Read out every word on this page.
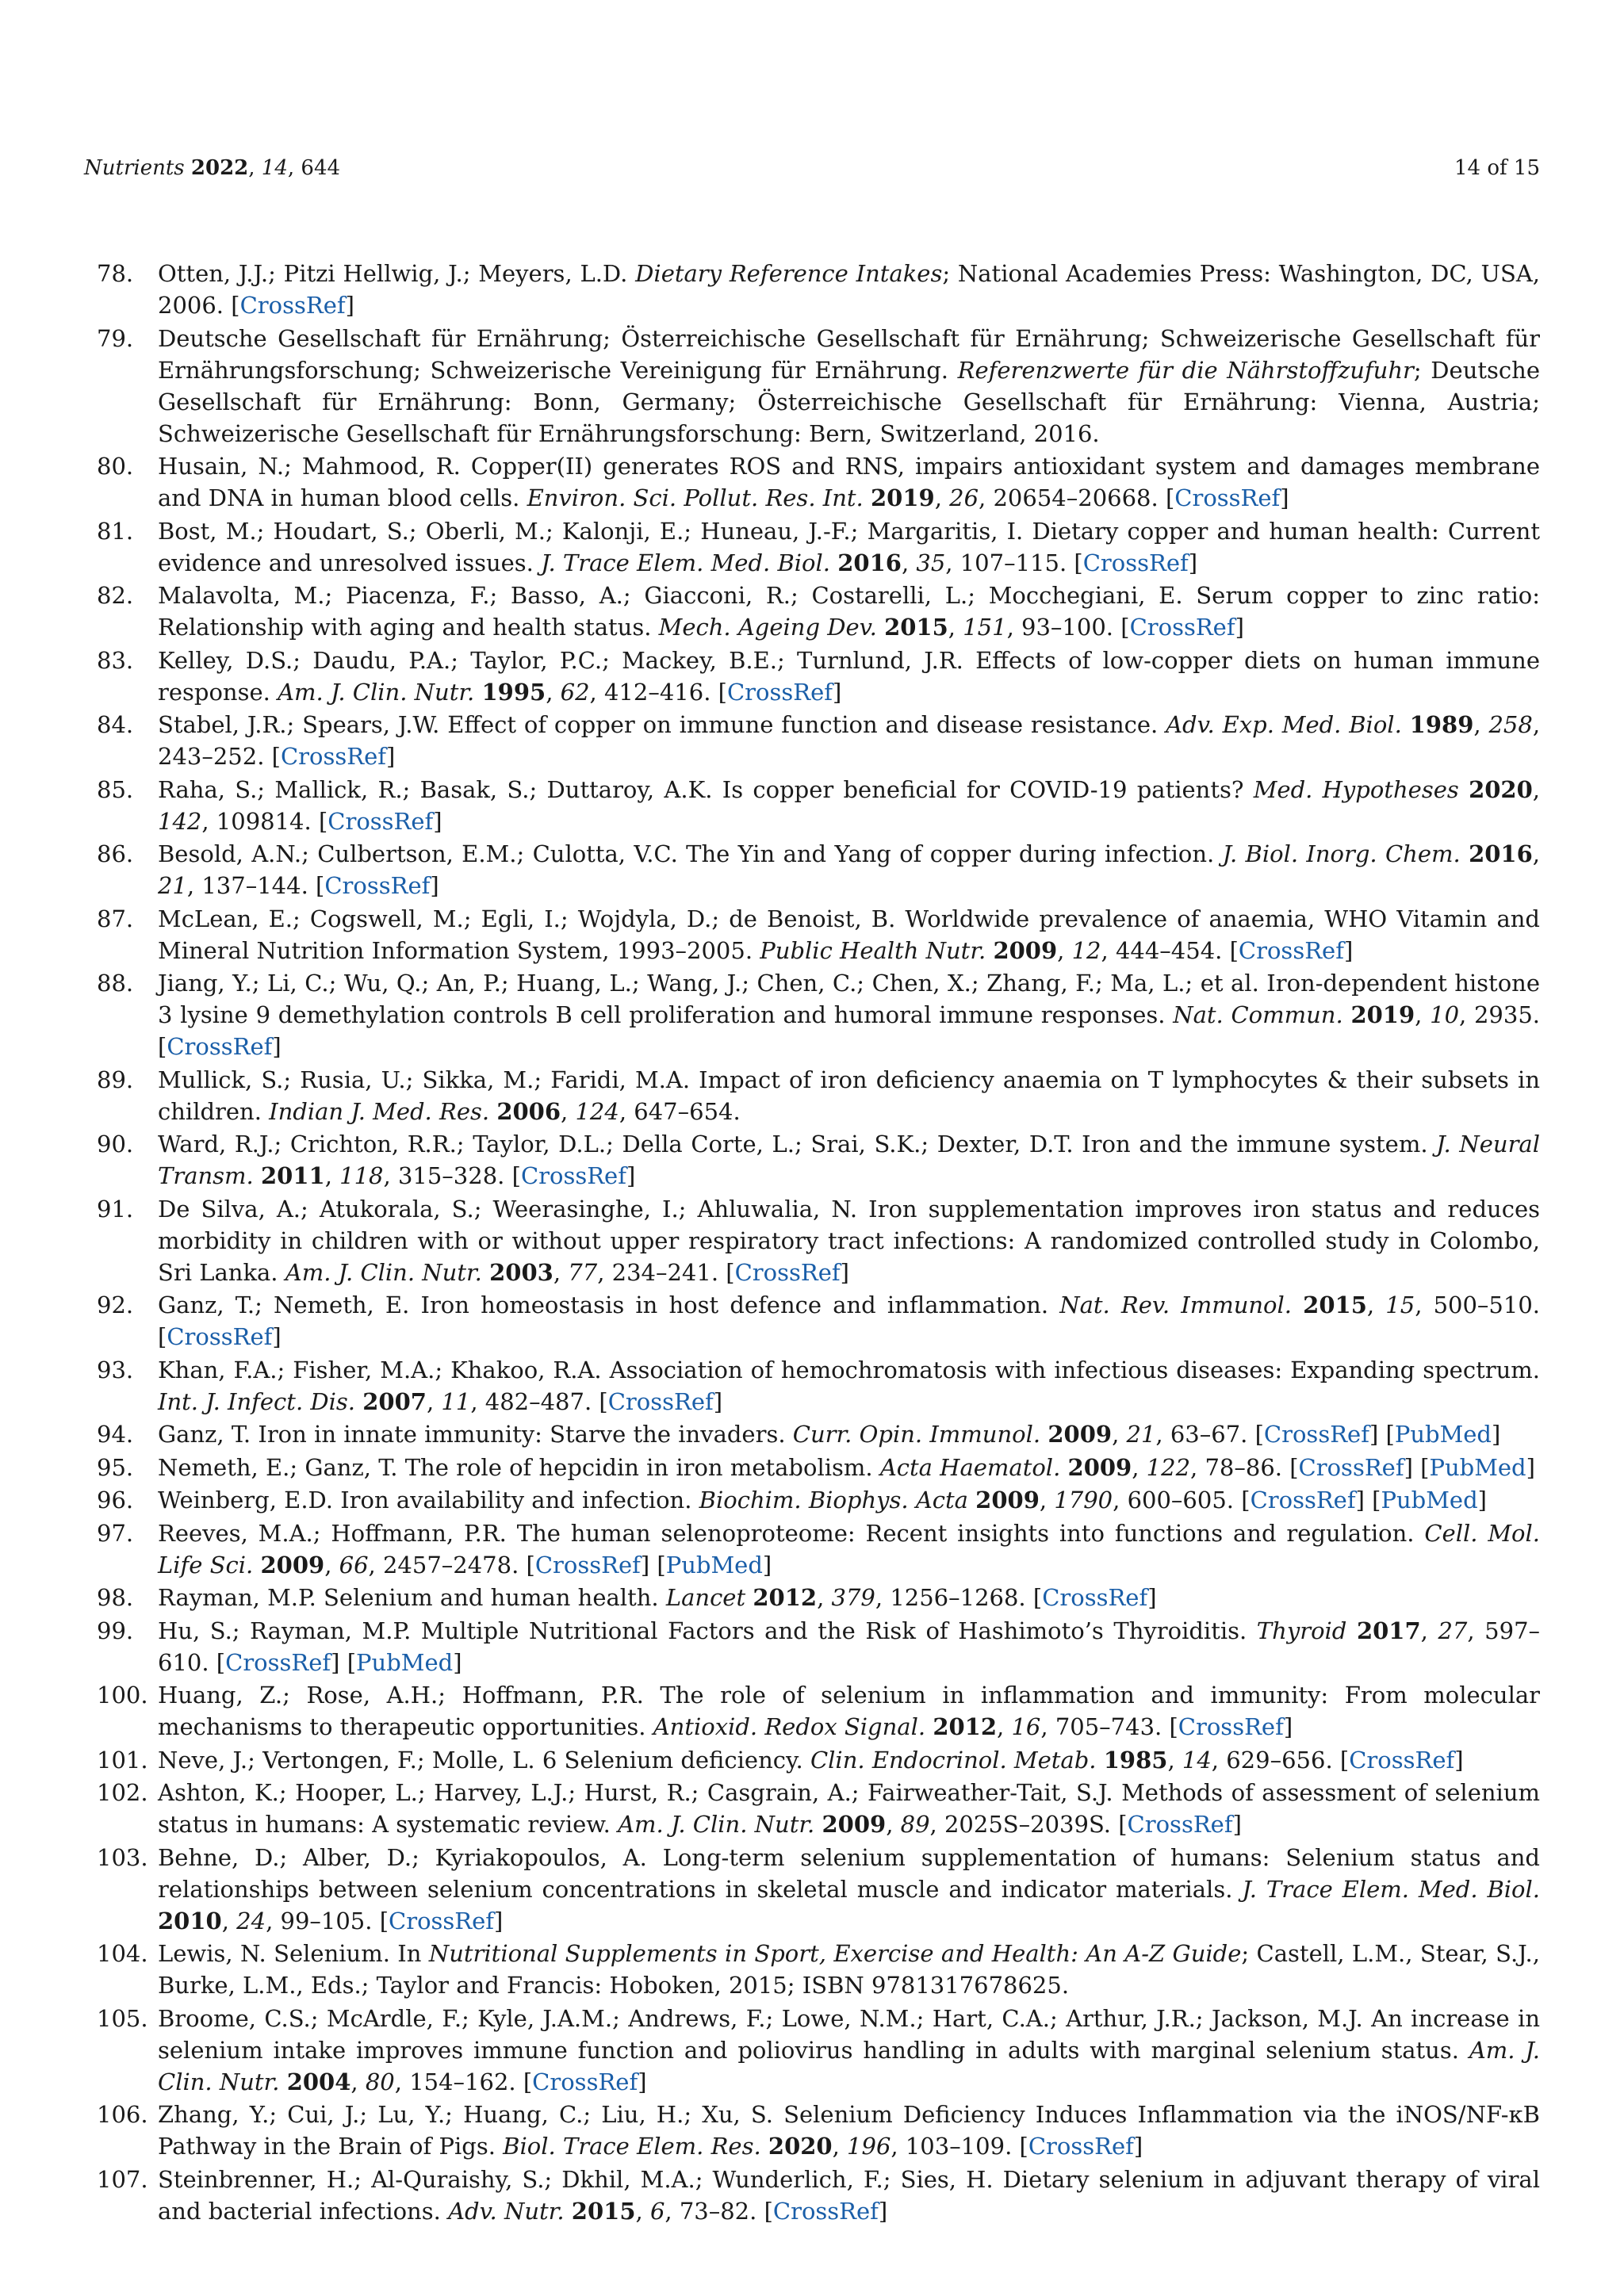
Nutrients 2022, 14, 644	14 of 15
78. Otten, J.J.; Pitzi Hellwig, J.; Meyers, L.D. Dietary Reference Intakes; National Academies Press: Washington, DC, USA, 2006. [CrossRef]
79. Deutsche Gesellschaft für Ernährung; Österreichische Gesellschaft für Ernährung; Schweizerische Gesellschaft für Ernährungsforschung; Schweizerische Vereinigung für Ernährung. Referenzwerte für die Nährstoffzufuhr; Deutsche Gesellschaft für Ernährung: Bonn, Germany; Österreichische Gesellschaft für Ernährung: Vienna, Austria; Schweizerische Gesellschaft für Ernährungsforschung: Bern, Switzerland, 2016.
80. Husain, N.; Mahmood, R. Copper(II) generates ROS and RNS, impairs antioxidant system and damages membrane and DNA in human blood cells. Environ. Sci. Pollut. Res. Int. 2019, 26, 20654–20668. [CrossRef]
81. Bost, M.; Houdart, S.; Oberli, M.; Kalonji, E.; Huneau, J.-F.; Margaritis, I. Dietary copper and human health: Current evidence and unresolved issues. J. Trace Elem. Med. Biol. 2016, 35, 107–115. [CrossRef]
82. Malavolta, M.; Piacenza, F.; Basso, A.; Giacconi, R.; Costarelli, L.; Mocchegiani, E. Serum copper to zinc ratio: Relationship with aging and health status. Mech. Ageing Dev. 2015, 151, 93–100. [CrossRef]
83. Kelley, D.S.; Daudu, P.A.; Taylor, P.C.; Mackey, B.E.; Turnlund, J.R. Effects of low-copper diets on human immune response. Am. J. Clin. Nutr. 1995, 62, 412–416. [CrossRef]
84. Stabel, J.R.; Spears, J.W. Effect of copper on immune function and disease resistance. Adv. Exp. Med. Biol. 1989, 258, 243–252. [CrossRef]
85. Raha, S.; Mallick, R.; Basak, S.; Duttaroy, A.K. Is copper beneficial for COVID-19 patients? Med. Hypotheses 2020, 142, 109814. [CrossRef]
86. Besold, A.N.; Culbertson, E.M.; Culotta, V.C. The Yin and Yang of copper during infection. J. Biol. Inorg. Chem. 2016, 21, 137–144. [CrossRef]
87. McLean, E.; Cogswell, M.; Egli, I.; Wojdyla, D.; de Benoist, B. Worldwide prevalence of anaemia, WHO Vitamin and Mineral Nutrition Information System, 1993–2005. Public Health Nutr. 2009, 12, 444–454. [CrossRef]
88. Jiang, Y.; Li, C.; Wu, Q.; An, P.; Huang, L.; Wang, J.; Chen, C.; Chen, X.; Zhang, F.; Ma, L.; et al. Iron-dependent histone 3 lysine 9 demethylation controls B cell proliferation and humoral immune responses. Nat. Commun. 2019, 10, 2935. [CrossRef]
89. Mullick, S.; Rusia, U.; Sikka, M.; Faridi, M.A. Impact of iron deficiency anaemia on T lymphocytes & their subsets in children. Indian J. Med. Res. 2006, 124, 647–654.
90. Ward, R.J.; Crichton, R.R.; Taylor, D.L.; Della Corte, L.; Srai, S.K.; Dexter, D.T. Iron and the immune system. J. Neural Transm. 2011, 118, 315–328. [CrossRef]
91. De Silva, A.; Atukorala, S.; Weerasinghe, I.; Ahluwalia, N. Iron supplementation improves iron status and reduces morbidity in children with or without upper respiratory tract infections: A randomized controlled study in Colombo, Sri Lanka. Am. J. Clin. Nutr. 2003, 77, 234–241. [CrossRef]
92. Ganz, T.; Nemeth, E. Iron homeostasis in host defence and inflammation. Nat. Rev. Immunol. 2015, 15, 500–510. [CrossRef]
93. Khan, F.A.; Fisher, M.A.; Khakoo, R.A. Association of hemochromatosis with infectious diseases: Expanding spectrum. Int. J. Infect. Dis. 2007, 11, 482–487. [CrossRef]
94. Ganz, T. Iron in innate immunity: Starve the invaders. Curr. Opin. Immunol. 2009, 21, 63–67. [CrossRef] [PubMed]
95. Nemeth, E.; Ganz, T. The role of hepcidin in iron metabolism. Acta Haematol. 2009, 122, 78–86. [CrossRef] [PubMed]
96. Weinberg, E.D. Iron availability and infection. Biochim. Biophys. Acta 2009, 1790, 600–605. [CrossRef] [PubMed]
97. Reeves, M.A.; Hoffmann, P.R. The human selenoproteome: Recent insights into functions and regulation. Cell. Mol. Life Sci. 2009, 66, 2457–2478. [CrossRef] [PubMed]
98. Rayman, M.P. Selenium and human health. Lancet 2012, 379, 1256–1268. [CrossRef]
99. Hu, S.; Rayman, M.P. Multiple Nutritional Factors and the Risk of Hashimoto’s Thyroiditis. Thyroid 2017, 27, 597–610. [CrossRef] [PubMed]
100. Huang, Z.; Rose, A.H.; Hoffmann, P.R. The role of selenium in inflammation and immunity: From molecular mechanisms to therapeutic opportunities. Antioxid. Redox Signal. 2012, 16, 705–743. [CrossRef]
101. Neve, J.; Vertongen, F.; Molle, L. 6 Selenium deficiency. Clin. Endocrinol. Metab. 1985, 14, 629–656. [CrossRef]
102. Ashton, K.; Hooper, L.; Harvey, L.J.; Hurst, R.; Casgrain, A.; Fairweather-Tait, S.J. Methods of assessment of selenium status in humans: A systematic review. Am. J. Clin. Nutr. 2009, 89, 2025S–2039S. [CrossRef]
103. Behne, D.; Alber, D.; Kyriakopoulos, A. Long-term selenium supplementation of humans: Selenium status and relationships between selenium concentrations in skeletal muscle and indicator materials. J. Trace Elem. Med. Biol. 2010, 24, 99–105. [CrossRef]
104. Lewis, N. Selenium. In Nutritional Supplements in Sport, Exercise and Health: An A-Z Guide; Castell, L.M., Stear, S.J., Burke, L.M., Eds.; Taylor and Francis: Hoboken, 2015; ISBN 9781317678625.
105. Broome, C.S.; McArdle, F.; Kyle, J.A.M.; Andrews, F.; Lowe, N.M.; Hart, C.A.; Arthur, J.R.; Jackson, M.J. An increase in selenium intake improves immune function and poliovirus handling in adults with marginal selenium status. Am. J. Clin. Nutr. 2004, 80, 154–162. [CrossRef]
106. Zhang, Y.; Cui, J.; Lu, Y.; Huang, C.; Liu, H.; Xu, S. Selenium Deficiency Induces Inflammation via the iNOS/NF-κB Pathway in the Brain of Pigs. Biol. Trace Elem. Res. 2020, 196, 103–109. [CrossRef]
107. Steinbrenner, H.; Al-Quraishy, S.; Dkhil, M.A.; Wunderlich, F.; Sies, H. Dietary selenium in adjuvant therapy of viral and bacterial infections. Adv. Nutr. 2015, 6, 73–82. [CrossRef]
